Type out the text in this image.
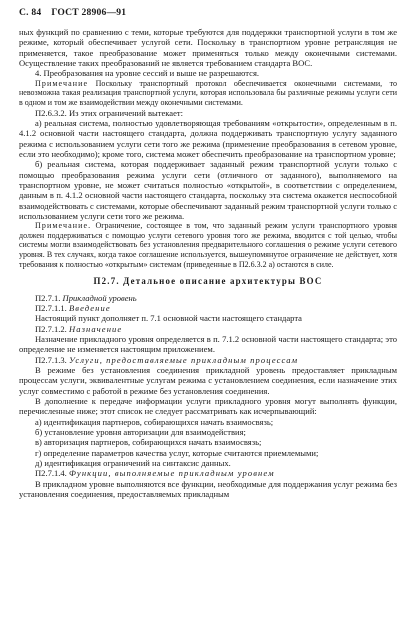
С. 84 ГОСТ 28906—91

ных функций по сравнению с теми, которые требуются для поддержки транспортной услуги в том же режиме, который обеспечивает услугой сети. Поскольку в транспортном уровне ретрансляция не применяется, такое преобразование может применяться только между оконечными системами. Осуществление таких преобразований не является требованием стандарта ВОС.

4. Преобразования на уровне сессий и выше не разрешаются.

Примечание Поскольку транспортный протокол обеспечивается оконечными системами, то невозможна такая реализация транспортной услуги, которая использовала бы различные режимы услуги сети в одном и том же взаимодействии между оконечными системами.

П2.6.3.2. Из этих ограничений вытекает:

а) реальная система, полностью удовлетворяющая требованиям «открытости», определенным в п. 4.1.2 основной части настоящего стандарта, должна поддерживать транспортную услугу заданного режима с использованием услуги сети того же режима (применение преобразования в сетевом уровне, если это необходимо); кроме того, система может обеспечить преобразование на транспортном уровне;

б) реальная система, которая поддерживает заданный режим транспортной услуги только с помощью преобразования режима услуги сети (отличного от заданного), выполняемого на транспортном уровне, не может считаться полностью «открытой», в соответствии с определением, данным в п. 4.1.2 основной части настоящего стандарта, поскольку эта система окажется неспособной взаимодействовать с системами, которые обеспечивают заданный режим транспортной услуги только с использованием услуги сети того же режима.

Примечание. Ограничение, состоящее в том, что заданный режим услуги транспортного уровня должен поддерживаться с помощью услуги сетевого уровня того же режима, вводится с той целью, чтобы системы могли взаимодействовать без установления предварительного соглашения о режиме услуги сетевого уровня. В тех случаях, когда такое соглашение используется, вышеупомянутое ограничение не действует, хотя требования к полностью «открытым» системам (приведенные в П2.6.3.2 а) остаются в силе.

П2.7. Детальное описание архитектуры ВОС

П2.7.1. Прикладной уровень

П2.7.1.1. Введение

Настоящий пункт дополняет п. 7.1 основной части настоящего стандарта

П2.7.1.2. Назначение

Назначение прикладного уровня определяется в п. 7.1.2 основной части настоящего стандарта; это определение не изменяется настоящим приложением.

П2.7.1.3. Услуги, предоставляемые прикладным процессам

В режиме без установления соединения прикладной уровень предоставляет прикладным процессам услуги, эквивалентные услугам режима с установлением соединения, если назначение этих услуг совместимо с работой в режиме без установления соединения.

В дополнение к передаче информации услуги прикладного уровня могут выполнять функции, перечисленные ниже; этот список не следует рассматривать как исчерпывающий:

а) идентификация партнеров, собирающихся начать взаимосвязь;
б) установление уровня авторизации для взаимодействия;
в) авторизация партнеров, собирающихся начать взаимосвязь;
г) определение параметров качества услуг, которые считаются приемлемыми;
д) идентификация ограничений на синтаксис данных.

П2.7.1.4. Функции, выполняемые прикладным уровнем

В прикладном уровне выполняются все функции, необходимые для поддержания услуг режима без установления соединения, предоставляемых прикладным
